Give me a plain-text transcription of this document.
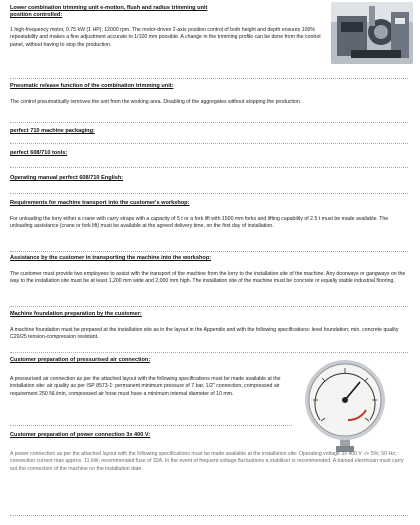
Lower combination trimming unit e-motion, flush and radius trimming unit
position controlled:
1 high-frequency motor, 0.75 kW (1 HP); 12000 rpm. The motor-driven 2-axis position control of both height and depth ensures 100% repeatability and makes a fine adjustment accurate to 1/100 mm possible. A change in the trimming profile can be done from the control panel, without having to stop the production.
Pneumatic release function of the combination trimming unit:
The control pneumatically removes the unit from the working area. Disabling of the aggregates without stopping the production.
perfect 710 machine packaging:
perfect 608/710 tools:
Operating manual perfect 608/710 English:
Requirements for machine transport into the customer's workshop:
For unloading the lorry either a crane with carry straps with a capacity of 5 t or a fork lift with 1500 mm forks and lifting capability of 2.5 t must be made available. The unloading assistance (crane or fork lift) must be available at the agreed delivery time, on the first day of installation.
Assistance by the customer in transporting the machine into the workshop:
The customer must provide two employees to assist with the transport of the machine from the lorry to the installation site of the machine. Any doorways or gangways on the way to the installation site must be at least 1,200 mm wide and 2,000 mm high. The installation site of the machine must be concrete or equally stable industrial flooring.
Machine foundation preparation by the customer:
A machine foundation must be prepared at the installation site as in the layout in the Appendix and with the following specifications: level foundation; min. concrete quality C20/25 tension-compression resistant.
Customer preparation of pressurised air connection:
A pressurised air connection as per the attached layout with the following specifications must be made available at the installation site: air quality as per ISP 8573-1: permanent minimum pressure of 7 bar, 1/2" connection, compressed air requirement 250 NL/min, compressed air hose must have a minimum internal diameter of 10 mm.
Customer preparation of power connection 3x 400 V:
A power connection as per the attached layout with the following specifications must be made available at the installation site: Operating voltage 3x 400 V -/+ 5%; 50 Hz; connection current max approx. 11 kW; recommended fuse of 32A. In the event of frequent voltage fluctuations a stabiliser is recommended. A trained electrician must carry out the connection of the machine on the installation date.
